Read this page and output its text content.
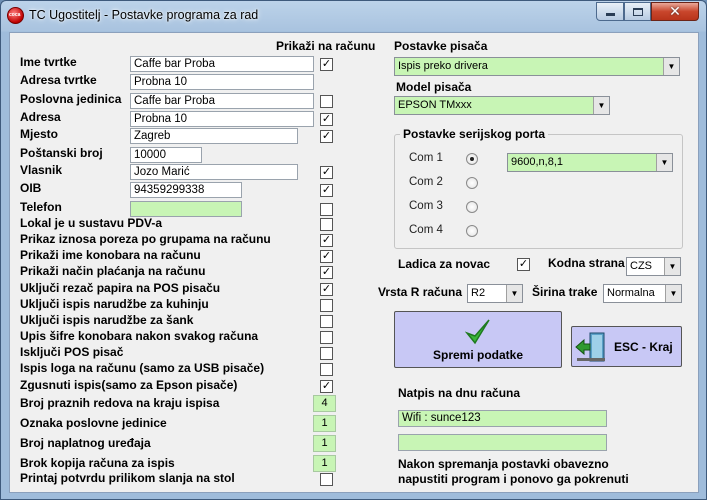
coca TC Ugostitelj - Postavke programa za rad	✕
Prikaži na računu
Printaj potvrdu prilikom slanja na stol
Postavke pisača
Ispis preko drivera	▼
Model pisača
EPSON TMxxx	▼
Postavke serijskog porta
9600,n,8,1	▼
Ladica za novac	✓ Kodna strana CZS	▼
Vrsta R računa R2	▼ Širina trake Normalna	▼
Spremi podatke
ESC - Kraj
Natpis na dnu računa
Wifi : sunce123
Nakon spremanja postavki obavezno
napustiti program i ponovo ga pokrenuti
Ime tvrtke	Caffe bar Proba	✓
Adresa tvrtke	Probna 10
Poslovna jedinica	Caffe bar Proba
Adresa	Probna 10	✓
Mjesto	Zagreb	✓
Poštanski broj	10000
Vlasnik	Jozo Marić	✓
OIB	94359299338	✓
Telefon
Lokal je u sustavu PDV-a
Prikaz iznosa poreza po grupama na računu	✓
Prikaži ime konobara na računu	✓
Prikaži način plaćanja na računu	✓
Uključi rezač papira na POS pisaču	✓
Uključi ispis narudžbe za kuhinju
Uključi ispis narudžbe za šank
Upis šifre konobara nakon svakog računa
Isključi POS pisač
Ispis loga na računu (samo za USB pisače)
Zgusnuti ispis(samo za Epson pisače)	✓
Broj praznih redova na kraju ispisa	4
Oznaka poslovne jedinice	1
Broj naplatnog uređaja	1
Brok kopija računa za ispis	1
Com 1
Com 2
Com 3
Com 4
